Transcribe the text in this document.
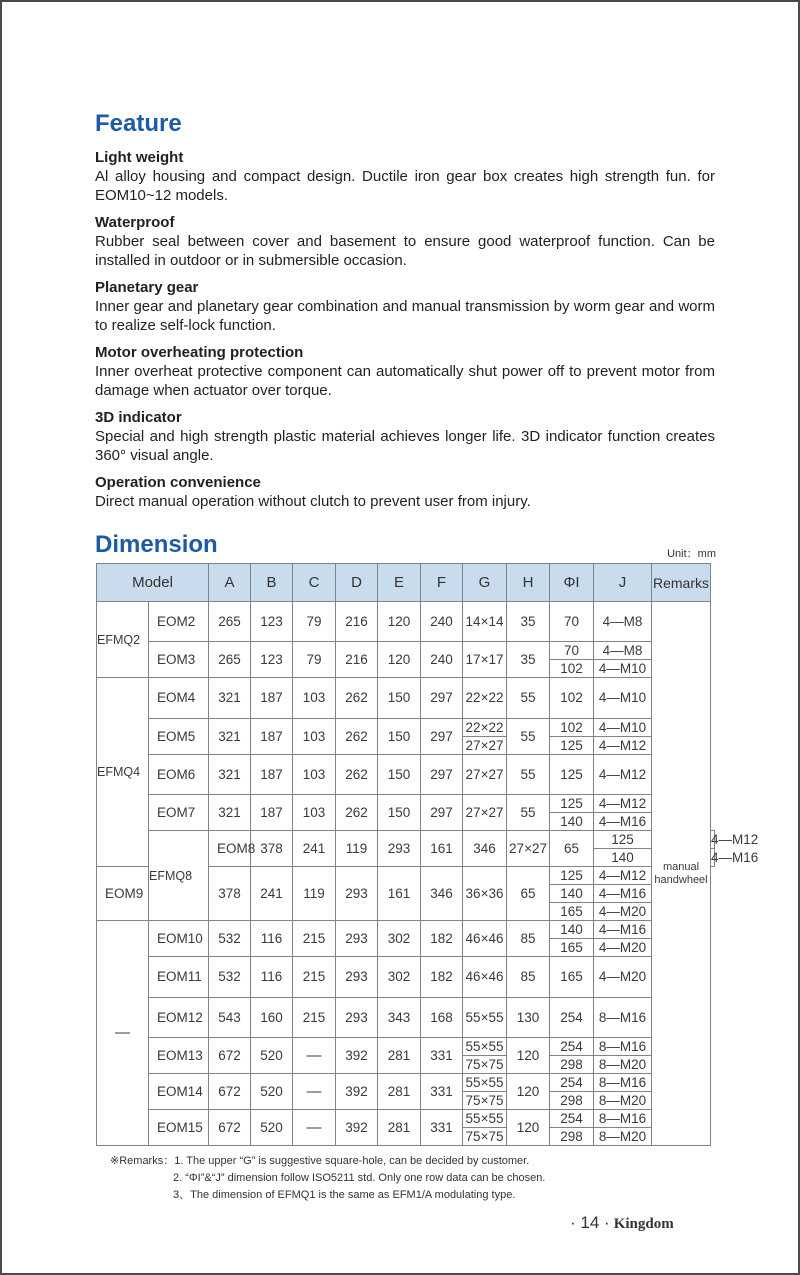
Feature
Light weight
Al alloy housing and compact design. Ductile iron gear box creates high strength fun. for EOM10~12 models.
Waterproof
Rubber seal between cover and basement to ensure good waterproof function. Can be installed in outdoor or in submersible occasion.
Planetary gear
Inner gear and planetary gear combination and manual transmission by worm gear and worm to realize self-lock function.
Motor overheating protection
Inner overheat protective component can automatically shut power off to prevent motor from damage when actuator over torque.
3D indicator
Special and high strength plastic material achieves longer life. 3D indicator function creates 360° visual angle.
Operation convenience
Direct manual operation without clutch to prevent user from injury.
Dimension	Unit：mm
Model		A	B	C	D	E	F	G	H	ΦI	J	Remarks	
EFMQ2	EOM2	265	123	79	216	120	240	14×14	35	70	4—M8	manual handwheel	

	EOM3	265	123	79	216	120	240	17×17	35	70	4—M8		
										102	4—M10		
EFMQ4	EOM4	321	187	103	262	150	297	22×22	55	102	4—M10		

	EOM5	321	187	103	262	150	297	22×22	55	102	4—M10		
								27×27		125	4—M12		
	EOM6	321	187	103	262	150	297	27×27	55	125	4—M12		

	EOM7	321	187	103	262	150	297	27×27	55	125	4—M12		
										140	4—M16		
	EFMQ8	EOM8	378	241	119	293	161	346	27×27	65	125		4—M12
											140		4—M16
EOM9		378	241	119	293	161	346	36×36	65	125	4—M12		
										140	4—M16		
										165	4—M20		
—	EOM10	532	116	215	293	302	182	46×46	85	140	4—M16		
										165	4—M20		
	EOM11	532	116	215	293	302	182	46×46	85	165	4—M20		

	EOM12	543	160	215	293	343	168	55×55	130	254	8—M16		

	EOM13	672	520	—	392	281	331	55×55	120	254	8—M16		
								75×75		298	8—M20		
	EOM14	672	520	—	392	281	331	55×55	120	254	8—M16		
								75×75		298	8—M20		
	EOM15	672	520	—	392	281	331	55×55	120	254	8—M16		
								75×75		298	8—M20		
※Remarks：1. The upper “G” is suggestive square-hole, can be decided by customer.
2. “ΦI”&“J” dimension follow ISO5211 std. Only one row data can be chosen.
3、The dimension of EFMQ1 is the same as EFM1/A modulating type.
· 14 · Kingdom
